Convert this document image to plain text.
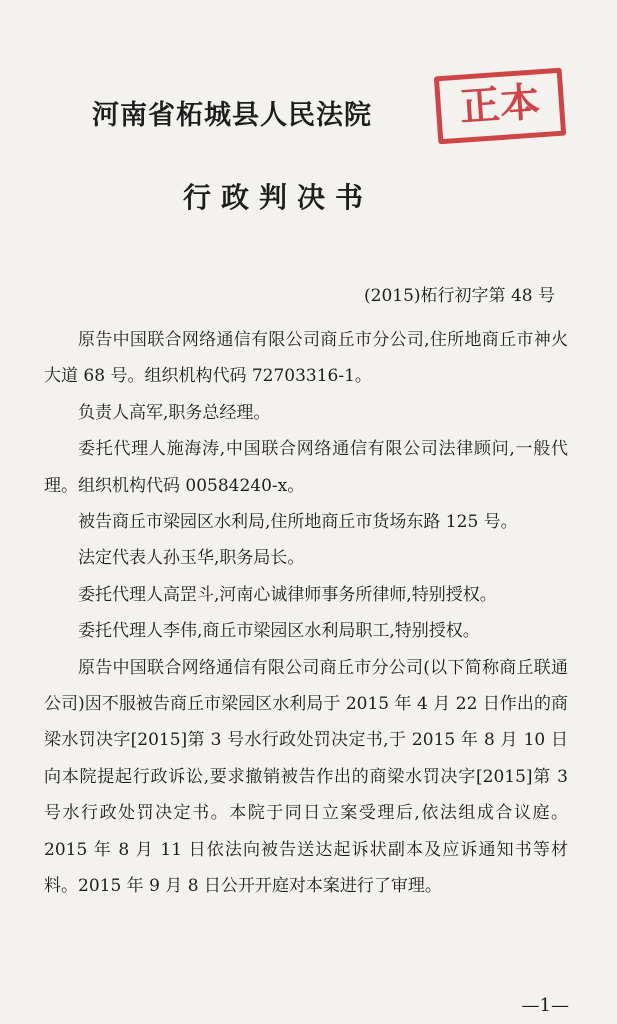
河南省柘城县人民法院	正本
行政判决书
(2015)柘行初字第 48 号

原告中国联合网络通信有限公司商丘市分公司,住所地商丘市神火大道 68 号。组织机构代码 72703316-1。

负责人高军,职务总经理。

委托代理人施海涛,中国联合网络通信有限公司法律顾问,一般代理。组织机构代码 00584240-x。

被告商丘市梁园区水利局,住所地商丘市货场东路 125 号。

法定代表人孙玉华,职务局长。

委托代理人高罡斗,河南心诚律师事务所律师,特别授权。

委托代理人李伟,商丘市梁园区水利局职工,特别授权。

原告中国联合网络通信有限公司商丘市分公司(以下简称商丘联通公司)因不服被告商丘市梁园区水利局于 2015 年 4 月 22 日作出的商梁水罚决字[2015]第 3 号水行政处罚决定书,于 2015 年 8 月 10 日向本院提起行政诉讼,要求撤销被告作出的商梁水罚决字[2015]第 3 号水行政处罚决定书。本院于同日立案受理后,依法组成合议庭。2015 年 8 月 11 日依法向被告送达起诉状副本及应诉通知书等材料。2015 年 9 月 8 日公开开庭对本案进行了审理。

—1—
